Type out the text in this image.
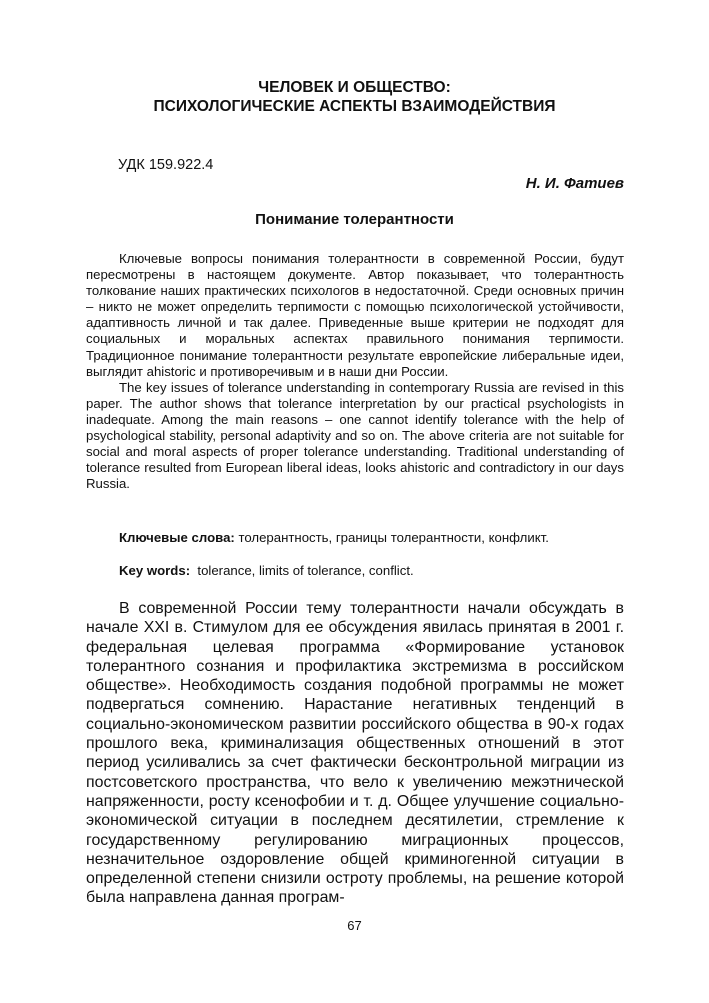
ЧЕЛОВЕК И ОБЩЕСТВО:
ПСИХОЛОГИЧЕСКИЕ АСПЕКТЫ ВЗАИМОДЕЙСТВИЯ
УДК 159.922.4
Н. И. Фатиев
Понимание толерантности

Ключевые вопросы понимания толерантности в современной России, будут пересмотрены в настоящем документе. Автор показывает, что толерантность толкование наших практических психологов в недостаточной. Среди основных причин – никто не может определить терпимости с помощью психологической устойчивости, адаптивность личной и так далее. Приведенные выше критерии не подходят для социальных и моральных аспектах правильного понимания терпимости. Традиционное понимание толерантности результате европейские либеральные идеи, выглядит ahistoric и противоречивым и в наши дни России.

The key issues of tolerance understanding in contemporary Russia are revised in this paper. The author shows that tolerance interpretation by our practical psychologists in inadequate. Among the main reasons – one cannot identify tolerance with the help of psychological stability, personal adaptivity and so on. The above criteria are not suitable for social and moral aspects of proper tolerance understanding. Traditional understanding of tolerance resulted from European liberal ideas, looks ahistoric and contradictory in our days Russia.

Ключевые слова: толерантность, границы толерантности, конфликт.
Key words:  tolerance, limits of tolerance, conflict.

В современной России тему толерантности начали обсуждать в начале XXI в. Стимулом для ее обсуждения явилась принятая в 2001 г. федеральная целевая программа «Формирование установок толерантного сознания и профилактика экстремизма в российском обществе». Необходимость создания подобной программы не может подвергаться сомнению. Нарастание негативных тенденций в социально-экономическом развитии российского общества в 90-х годах прошлого века, криминализация общественных отношений в этот период усиливались за счет фактически бесконтрольной миграции из постсоветского пространства, что вело к увеличению межэтнической напряженности, росту ксенофобии и т. д. Общее улучшение социально-экономической ситуации в последнем десятилетии, стремление к государственному регулированию миграционных процессов, незначительное оздоровление общей криминогенной ситуации в определенной степени снизили остроту проблемы, на решение которой была направлена данная програм-

67
